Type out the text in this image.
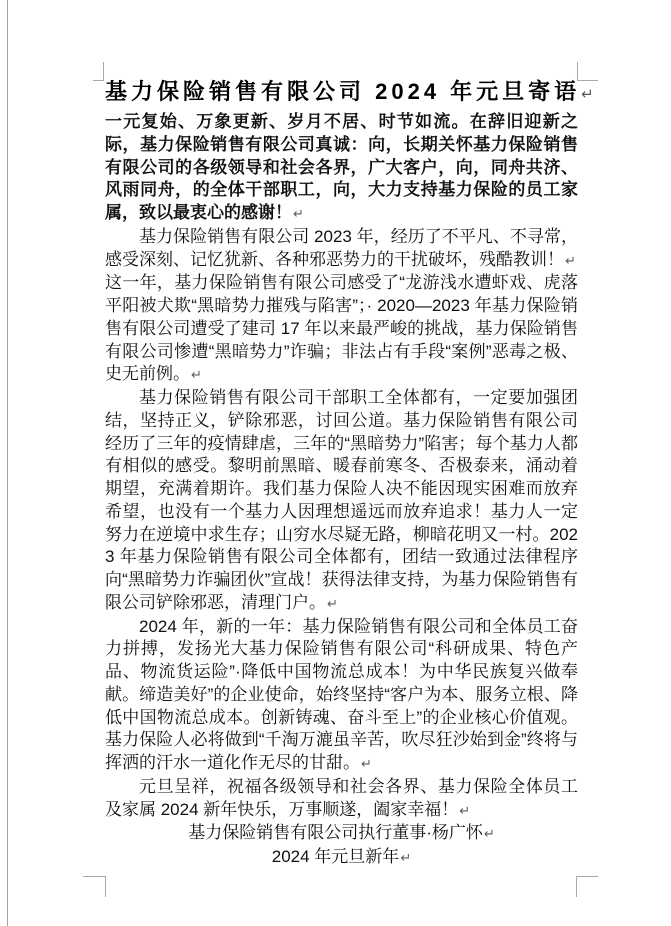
基力保险销售有限公司 2024 年元旦寄语↵

一元复始、万象更新、岁月不居、时节如流。在辞旧迎新之际，基力保险销售有限公司真诚：向，长期关怀基力保险销售有限公司的各级领导和社会各界，广大客户，向，同舟共济、风雨同舟，的全体干部职工，向，大力支持基力保险的员工家属，致以最衷心的感谢！↵

基力保险销售有限公司 2023 年，经历了不平凡、不寻常，感受深刻、记忆犹新、各种邪恶势力的干扰破坏，残酷教训！↵

这一年，基力保险销售有限公司感受了“龙游浅水遭虾戏、虎落平阳被犬欺“黑暗势力摧残与陷害”；· 2020—2023 年基力保险销售有限公司遭受了建司 17 年以来最严峻的挑战，基力保险销售有限公司惨遭“黑暗势力”诈骗；非法占有手段“案例”恶毒之极、史无前例。↵

基力保险销售有限公司干部职工全体都有，一定要加强团结，坚持正义，铲除邪恶，讨回公道。基力保险销售有限公司经历了三年的疫情肆虐，三年的“黑暗势力”陷害；每个基力人都有相似的感受。黎明前黑暗、暖春前寒冬、否极泰来，涌动着期望，充满着期许。我们基力保险人决不能因现实困难而放弃希望，也没有一个基力人因理想遥远而放弃追求！基力人一定努力在逆境中求生存；山穷水尽疑无路，柳暗花明又一村。2023 年基力保险销售有限公司全体都有，团结一致通过法律程序向“黑暗势力诈骗团伙”宣战！获得法律支持，为基力保险销售有限公司铲除邪恶，清理门户。↵

2024 年，新的一年：基力保险销售有限公司和全体员工奋力拼搏，发扬光大基力保险销售有限公司“科研成果、特色产品、物流货运险”·降低中国物流总成本！为中华民族复兴做奉献。缔造美好”的企业使命，始终坚持“客户为本、服务立根、降低中国物流总成本。创新铸魂、奋斗至上”的企业核心价值观。基力保险人必将做到“千淘万漉虽辛苦，吹尽狂沙始到金”终将与挥洒的汗水一道化作无尽的甘甜。↵

元旦呈祥，祝福各级领导和社会各界、基力保险全体员工及家属 2024 新年快乐，万事顺遂，阖家幸福！↵

基力保险销售有限公司执行董事·杨广怀↵

2024 年元旦新年↵
